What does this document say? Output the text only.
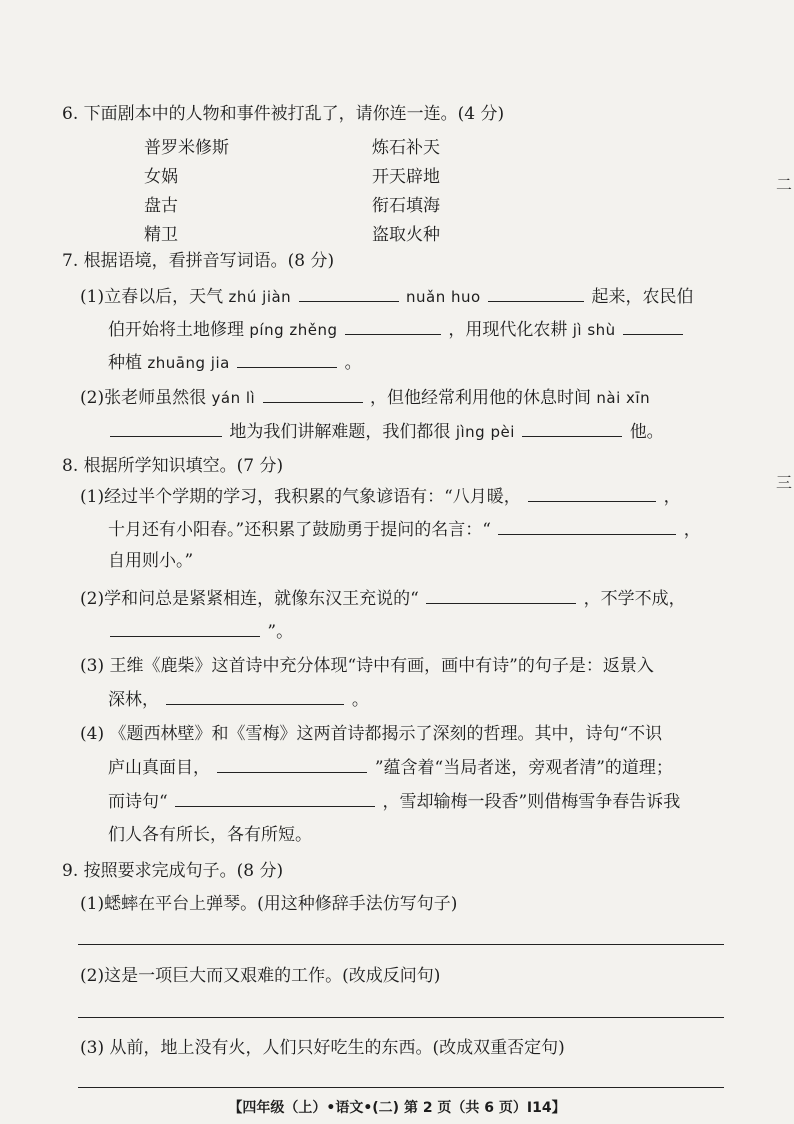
6. 下面剧本中的人物和事件被打乱了，请你连一连。(4 分)
普罗米修斯
女娲
盘古
精卫
炼石补天
开天辟地
衔石填海
盗取火种
7. 根据语境，看拼音写词语。(8 分)
(1)立春以后，天气 zhú jiàn	nuǎn huo	起来，农民伯
伯开始将土地修理 píng zhěng	，用现代化农耕 jì shù
种植 zhuāng jia	。
(2)张老师虽然很 yán lì	，但他经常利用他的休息时间 nài xīn
地为我们讲解难题，我们都很 jìng pèi	他。
8. 根据所学知识填空。(7 分)
(1)经过半个学期的学习，我积累的气象谚语有：“八月暖，	，
十月还有小阳春。”还积累了鼓励勇于提问的名言：“	，
自用则小。”
(2)学和问总是紧紧相连，就像东汉王充说的“	，不学不成，
”。
(3) 王维《鹿柴》这首诗中充分体现“诗中有画，画中有诗”的句子是：返景入
深林，	。
(4) 《题西林壁》和《雪梅》这两首诗都揭示了深刻的哲理。其中，诗句“不识
庐山真面目，	”蕴含着“当局者迷，旁观者清”的道理；
而诗句“	，雪却输梅一段香”则借梅雪争春告诉我
们人各有所长，各有所短。
9. 按照要求完成句子。(8 分)
(1)蟋蟀在平台上弹琴。(用这种修辞手法仿写句子)
(2)这是一项巨大而又艰难的工作。(改成反问句)
(3) 从前，地上没有火，人们只好吃生的东西。(改成双重否定句)
二
三
【四年级（上）•语文•(二) 第 2 页（共 6 页）I14】
